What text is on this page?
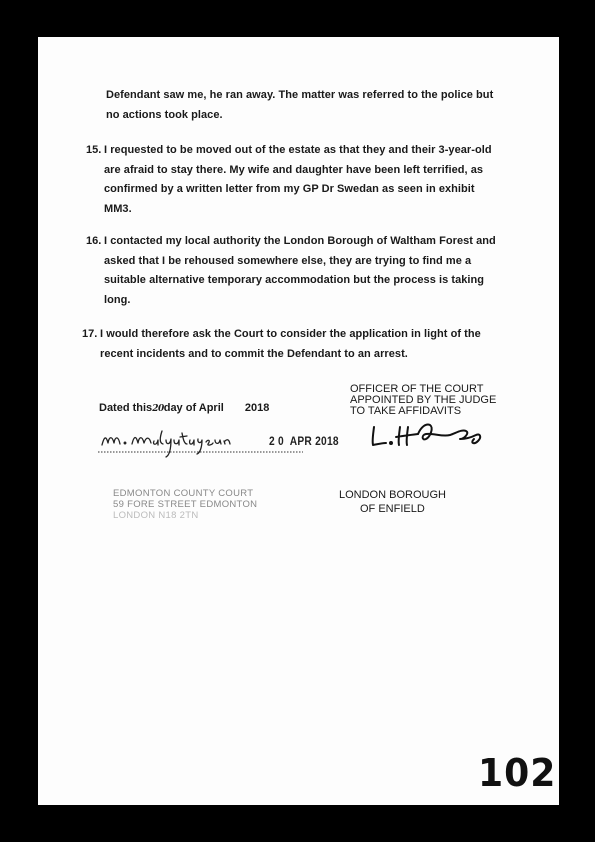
Defendant saw me, he ran away. The matter was referred to the police but

no actions took place.

15. I requested to be moved out of the estate as that they and their 3-year-old

are afraid to stay there. My wife and daughter have been left terrified, as

confirmed by a written letter from my GP Dr Swedan as seen in exhibit

MM3.

16. I contacted my local authority the London Borough of Waltham Forest and

asked that I be rehoused somewhere else, they are trying to find me a

suitable alternative temporary accommodation but the process is taking

long.

17. I would therefore ask the Court to consider the application in light of the

recent incidents and to commit the Defendant to an arrest.

Dated this20day of April 2018
OFFICER OF THE COURT
APPOINTED BY THE JUDGE
TO TAKE AFFIDAVITS
2 0  APR 2018
EDMONTON COUNTY COURT
59 FORE STREET EDMONTON
LONDON N18 2TN
LONDON BOROUGH
OF ENFIELD
102
